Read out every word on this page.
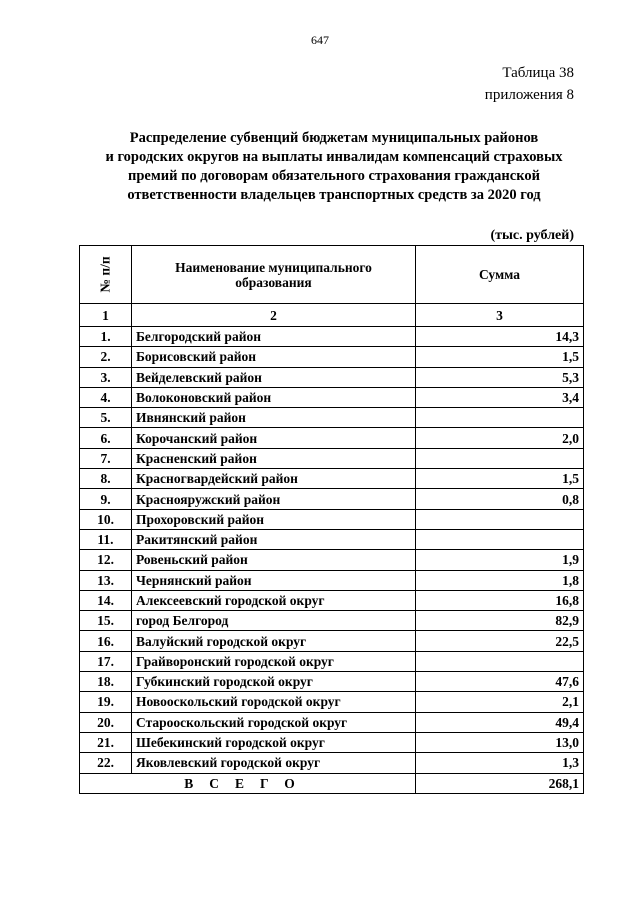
647
Таблица 38
приложения 8
Распределение субвенций бюджетам муниципальных районов
и городских округов на выплаты инвалидам компенсаций страховых
премий по договорам обязательного страхования гражданской
ответственности владельцев транспортных средств за 2020 год
(тыс. рублей)
№ п/п	Наименование муниципального образования	Сумма
1	2	3
1.	Белгородский район	14,3
2.	Борисовский район	1,5
3.	Вейделевский район	5,3
4.	Волоконовский район	3,4
5.	Ивнянский район	
6.	Корочанский район	2,0
7.	Красненский район	
8.	Красногвардейский район	1,5
9.	Краснояружский район	0,8
10.	Прохоровский район	
11.	Ракитянский район	
12.	Ровеньский район	1,9
13.	Чернянский район	1,8
14.	Алексеевский городской округ	16,8
15.	город Белгород	82,9
16.	Валуйский городской округ	22,5
17.	Грайворонский городской округ	
18.	Губкинский городской округ	47,6
19.	Новооскольский городской округ	2,1
20.	Старооскольский городской округ	49,4
21.	Шебекинский городской округ	13,0
22.	Яковлевский городской округ	1,3
ВСЕГО		268,1
